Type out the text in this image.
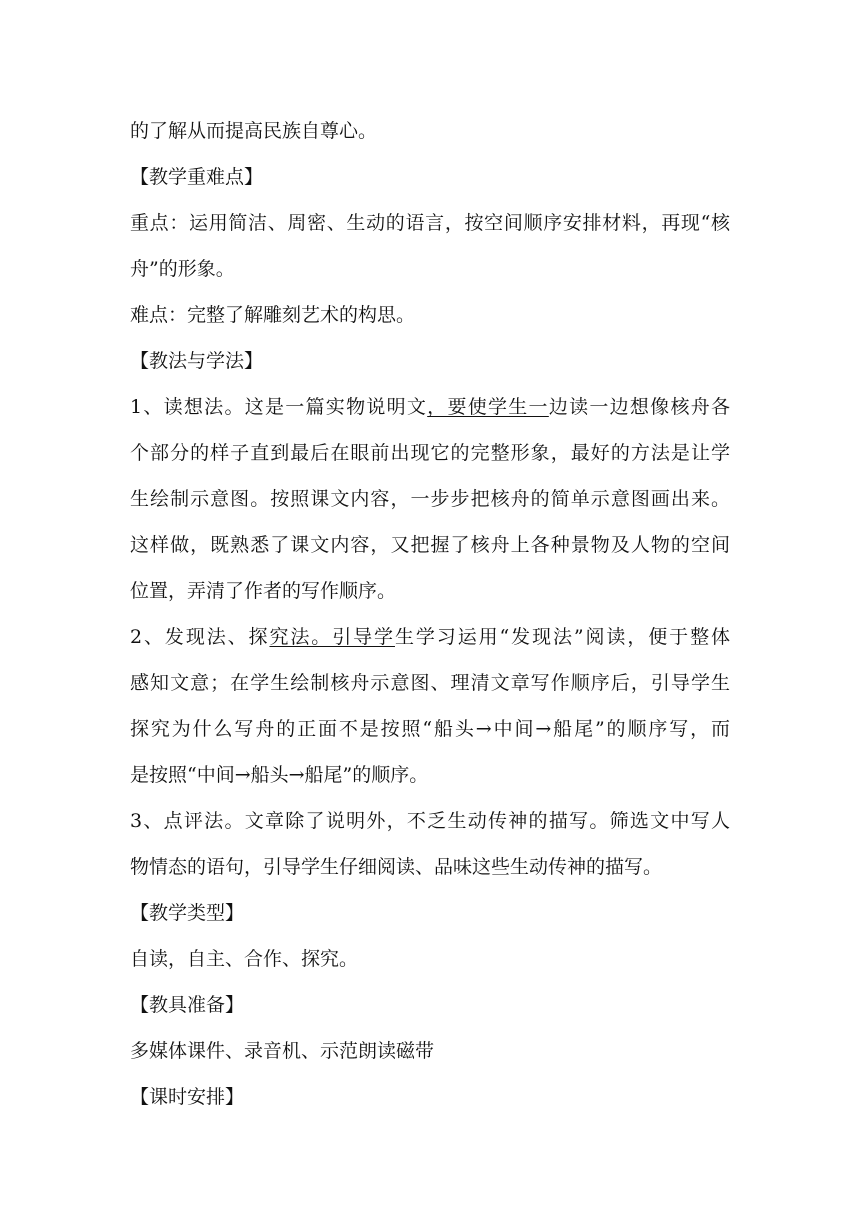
的了解从而提高民族自尊心。
【教学重难点】
重点：运用简洁、周密、生动的语言，按空间顺序安排材料，再现“核
舟”的形象。
难点：完整了解雕刻艺术的构思。
【教法与学法】
1、读想法。这是一篇实物说明文，要使学生一边读一边想像核舟各
个部分的样子直到最后在眼前出现它的完整形象，最好的方法是让学
生绘制示意图。按照课文内容，一步步把核舟的简单示意图画出来。
这样做，既熟悉了课文内容，又把握了核舟上各种景物及人物的空间
位置，弄清了作者的写作顺序。
2、发现法、探究法。引导学生学习运用“发现法”阅读，便于整体
感知文意；在学生绘制核舟示意图、理清文章写作顺序后，引导学生
探究为什么写舟的正面不是按照“船头→中间→船尾”的顺序写，而
是按照“中间→船头→船尾”的顺序。
3、点评法。文章除了说明外，不乏生动传神的描写。筛选文中写人
物情态的语句，引导学生仔细阅读、品味这些生动传神的描写。
【教学类型】
自读，自主、合作、探究。
【教具准备】
多媒体课件、录音机、示范朗读磁带
【课时安排】
